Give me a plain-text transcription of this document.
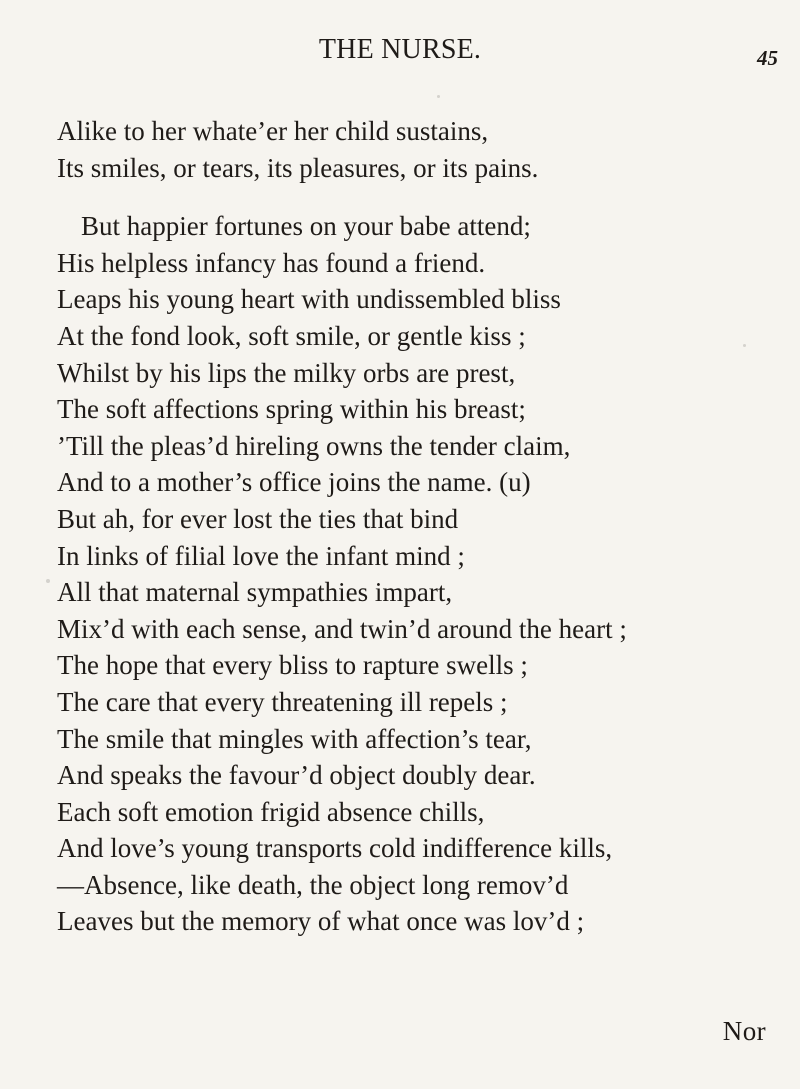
THE NURSE.	45
Alike to her whate’er her child sustains,
Its smiles, or tears, its pleasures, or its pains.
But happier fortunes on your babe attend;
His helpless infancy has found a friend.
Leaps his young heart with undissembled bliss
At the fond look, soft smile, or gentle kiss ;
Whilst by his lips the milky orbs are prest,
The soft affections spring within his breast;
’Till the pleas’d hireling owns the tender claim,
And to a mother’s office joins the name. (u)
But ah, for ever lost the ties that bind
In links of filial love the infant mind ;
All that maternal sympathies impart,
Mix’d with each sense, and twin’d around the heart ;
The hope that every bliss to rapture swells ;
The care that every threatening ill repels ;
The smile that mingles with affection’s tear,
And speaks the favour’d object doubly dear.
Each soft emotion frigid absence chills,
And love’s young transports cold indifference kills,
—Absence, like death, the object long remov’d
Leaves but the memory of what once was lov’d ;
Nor
